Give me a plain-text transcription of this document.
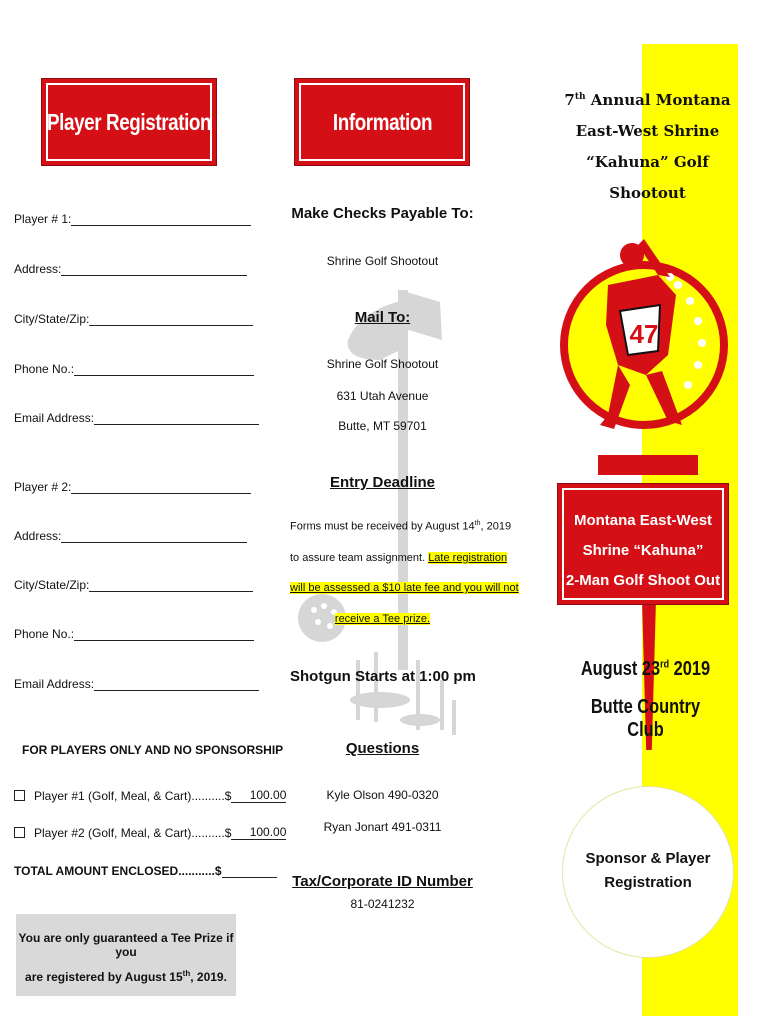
Player Registration
Player # 1:
Address:
City/State/Zip:
Phone No.:
Email Address:
Player # 2:
Address:
City/State/Zip:
Phone No.:
Email Address:
FOR PLAYERS ONLY AND NO SPONSORSHIP
Player #1 (Golf, Meal, & Cart)..........$	100.00
Player #2 (Golf, Meal, & Cart)..........$	100.00
TOTAL AMOUNT ENCLOSED...........$
You are only guaranteed a Tee Prize if you
are registered by August 15th, 2019.
Information
Make Checks Payable To:
Shrine Golf Shootout
Mail To:
Shrine Golf Shootout
631 Utah Avenue
Butte, MT 59701
Entry Deadline
Forms must be received by August 14th, 2019
to assure team assignment. Late registration
will be assessed a $10 late fee and you will not
receive a Tee prize.
Shotgun Starts at 1:00 pm
Questions
Kyle Olson 490-0320
Ryan Jonart 491-0311
Tax/Corporate ID Number
81-0241232
7th Annual Montana
East-West Shrine
“Kahuna” Golf Shootout
47
Montana East-West
Shrine “Kahuna”
2-Man Golf Shoot Out
August 23rd 2019
Butte Country Club
Sponsor & Player
Registration
